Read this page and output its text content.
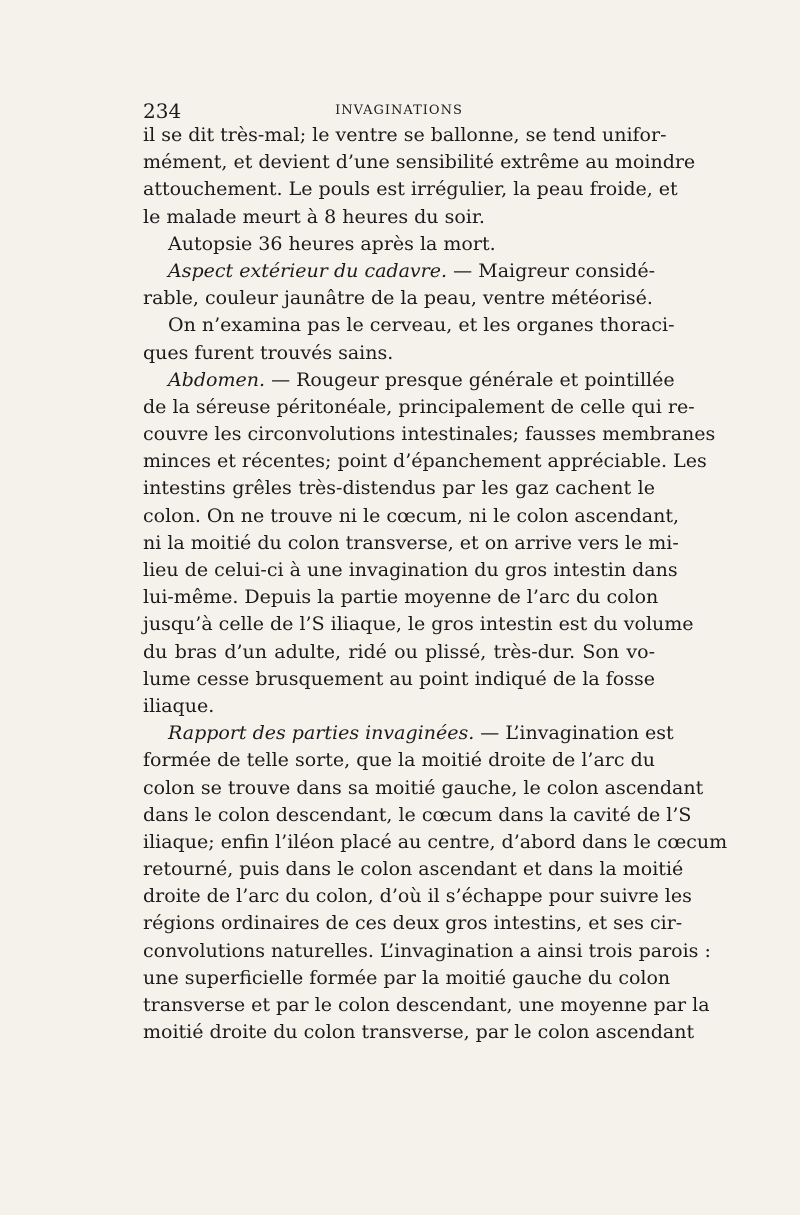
234	INVAGINATIONS
il se dit très-mal; le ventre se ballonne, se tend unifor-
mément, et devient d’une sensibilité extrême au moindre
attouchement. Le pouls est irrégulier, la peau froide, et
le malade meurt à 8 heures du soir.
Autopsie 36 heures après la mort.
Aspect extérieur du cadavre. — Maigreur considé-
rable, couleur jaunâtre de la peau, ventre météorisé.
On n’examina pas le cerveau, et les organes thoraci-
ques furent trouvés sains.
Abdomen. — Rougeur presque générale et pointillée
de la séreuse péritonéale, principalement de celle qui re-
couvre les circonvolutions intestinales; fausses membranes
minces et récentes; point d’épanchement appréciable. Les
intestins grêles très-distendus par les gaz cachent le
colon. On ne trouve ni le cœcum, ni le colon ascendant,
ni la moitié du colon transverse, et on arrive vers le mi-
lieu de celui-ci à une invagination du gros intestin dans
lui-même. Depuis la partie moyenne de l’arc du colon
jusqu’à celle de l’S iliaque, le gros intestin est du volume
du bras d’un adulte, ridé ou plissé, très-dur. Son vo-
lume cesse brusquement au point indiqué de la fosse
iliaque.
Rapport des parties invaginées. — L’invagination est
formée de telle sorte, que la moitié droite de l’arc du
colon se trouve dans sa moitié gauche, le colon ascendant
dans le colon descendant, le cœcum dans la cavité de l’S
iliaque; enfin l’iléon placé au centre, d’abord dans le cœcum
retourné, puis dans le colon ascendant et dans la moitié
droite de l’arc du colon, d’où il s’échappe pour suivre les
régions ordinaires de ces deux gros intestins, et ses cir-
convolutions naturelles. L’invagination a ainsi trois parois :
une superficielle formée par la moitié gauche du colon
transverse et par le colon descendant, une moyenne par la
moitié droite du colon transverse, par le colon ascendant
